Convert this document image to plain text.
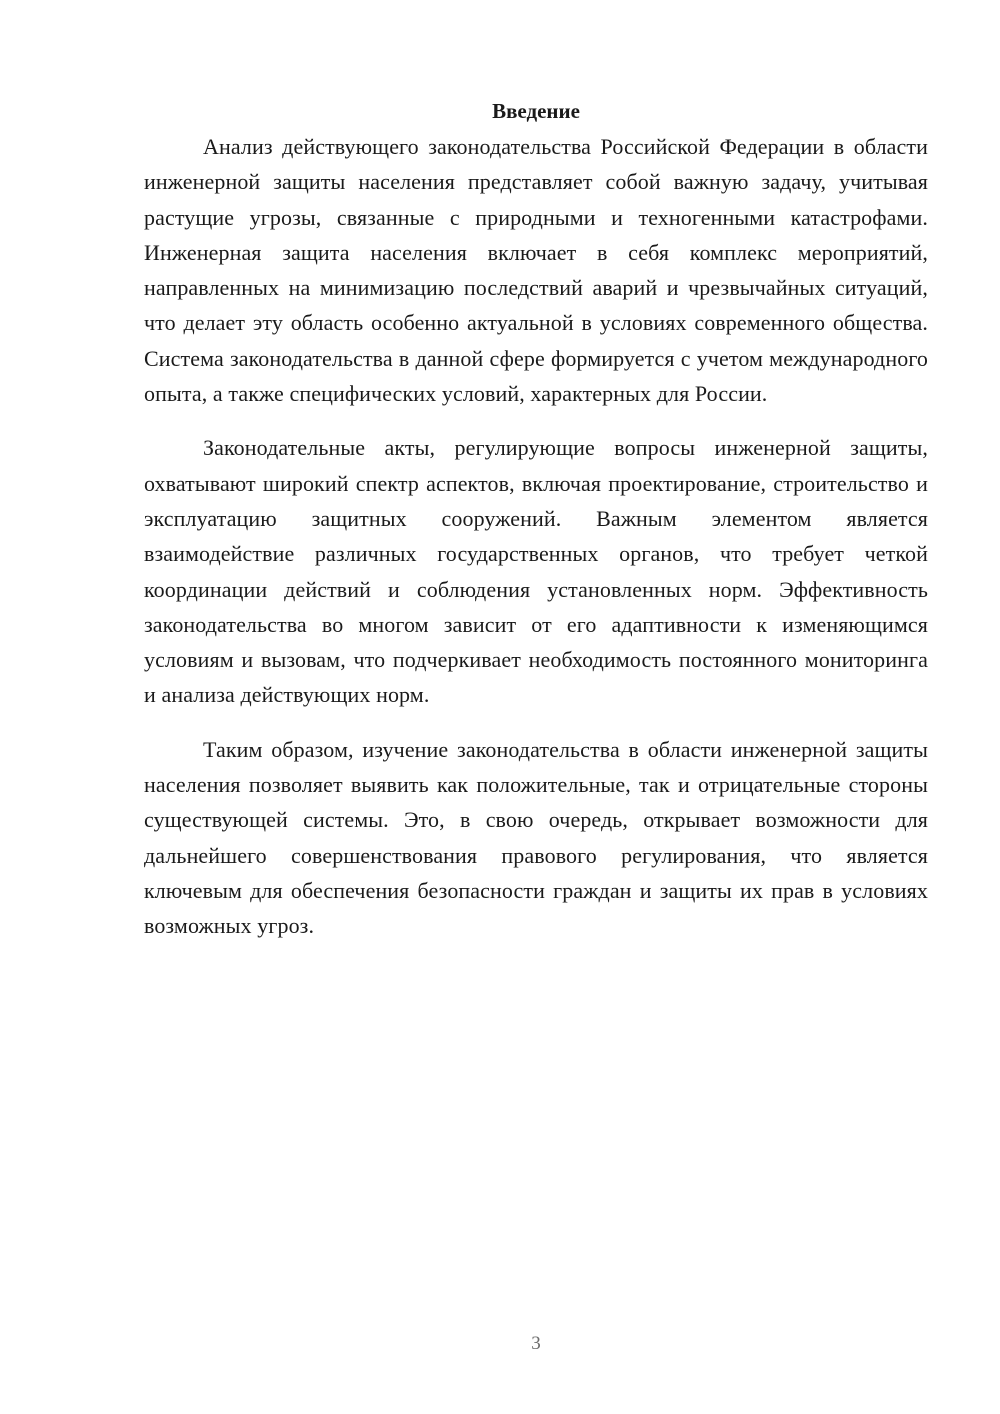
Введение

Анализ действующего законодательства Российской Федерации в области инженерной защиты населения представляет собой важную задачу, учитывая растущие угрозы, связанные с природными и техногенными катастрофами. Инженерная защита населения включает в себя комплекс мероприятий, направленных на минимизацию последствий аварий и чрезвычайных ситуаций, что делает эту область особенно актуальной в условиях современного общества. Система законодательства в данной сфере формируется с учетом международного опыта, а также специфических условий, характерных для России.

Законодательные акты, регулирующие вопросы инженерной защиты, охватывают широкий спектр аспектов, включая проектирование, строительство и эксплуатацию защитных сооружений. Важным элементом является взаимодействие различных государственных органов, что требует четкой координации действий и соблюдения установленных норм. Эффективность законодательства во многом зависит от его адаптивности к изменяющимся условиям и вызовам, что подчеркивает необходимость постоянного мониторинга и анализа действующих норм.

Таким образом, изучение законодательства в области инженерной защиты населения позволяет выявить как положительные, так и отрицательные стороны существующей системы. Это, в свою очередь, открывает возможности для дальнейшего совершенствования правового регулирования, что является ключевым для обеспечения безопасности граждан и защиты их прав в условиях возможных угроз.

3
